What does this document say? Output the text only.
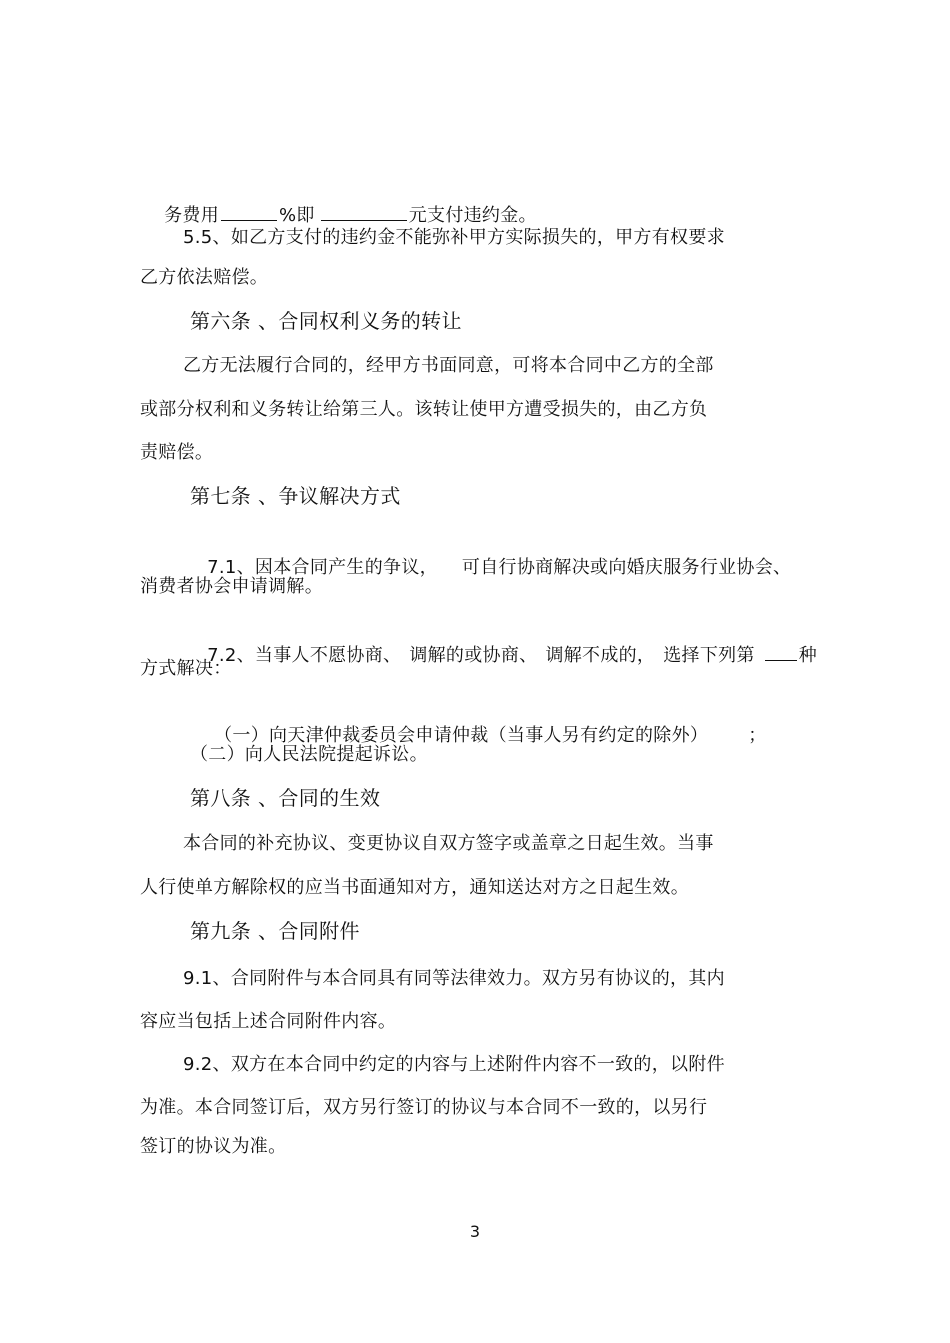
务费用	%即	元支付违约金。

5.5、如乙方支付的违约金不能弥补甲方实际损失的，甲方有权要求
乙方依法赔偿。
第六条 、合同权利义务的转让
乙方无法履行合同的，经甲方书面同意，可将本合同中乙方的全部
或部分权利和义务转让给第三人。该转让使甲方遭受损失的，由乙方负
责赔偿。
第七条 、争议解决方式

7.1、因本合同产生的争议， 可自行协商解决或向婚庆服务行业协会、

消费者协会申请调解。

7.2、当事人不愿协商、 调解的或协商、 调解不成的， 选择下列第 种

方式解决：

（一）向天津仲裁委员会申请仲裁（当事人另有约定的除外） ；

（二）向人民法院提起诉讼。
第八条 、合同的生效
本合同的补充协议、变更协议自双方签字或盖章之日起生效。当事
人行使单方解除权的应当书面通知对方，通知送达对方之日起生效。
第九条 、合同附件
9.1、合同附件与本合同具有同等法律效力。双方另有协议的，其内
容应当包括上述合同附件内容。
9.2、双方在本合同中约定的内容与上述附件内容不一致的，以附件
为准。本合同签订后，双方另行签订的协议与本合同不一致的，以另行
签订的协议为准。
3
